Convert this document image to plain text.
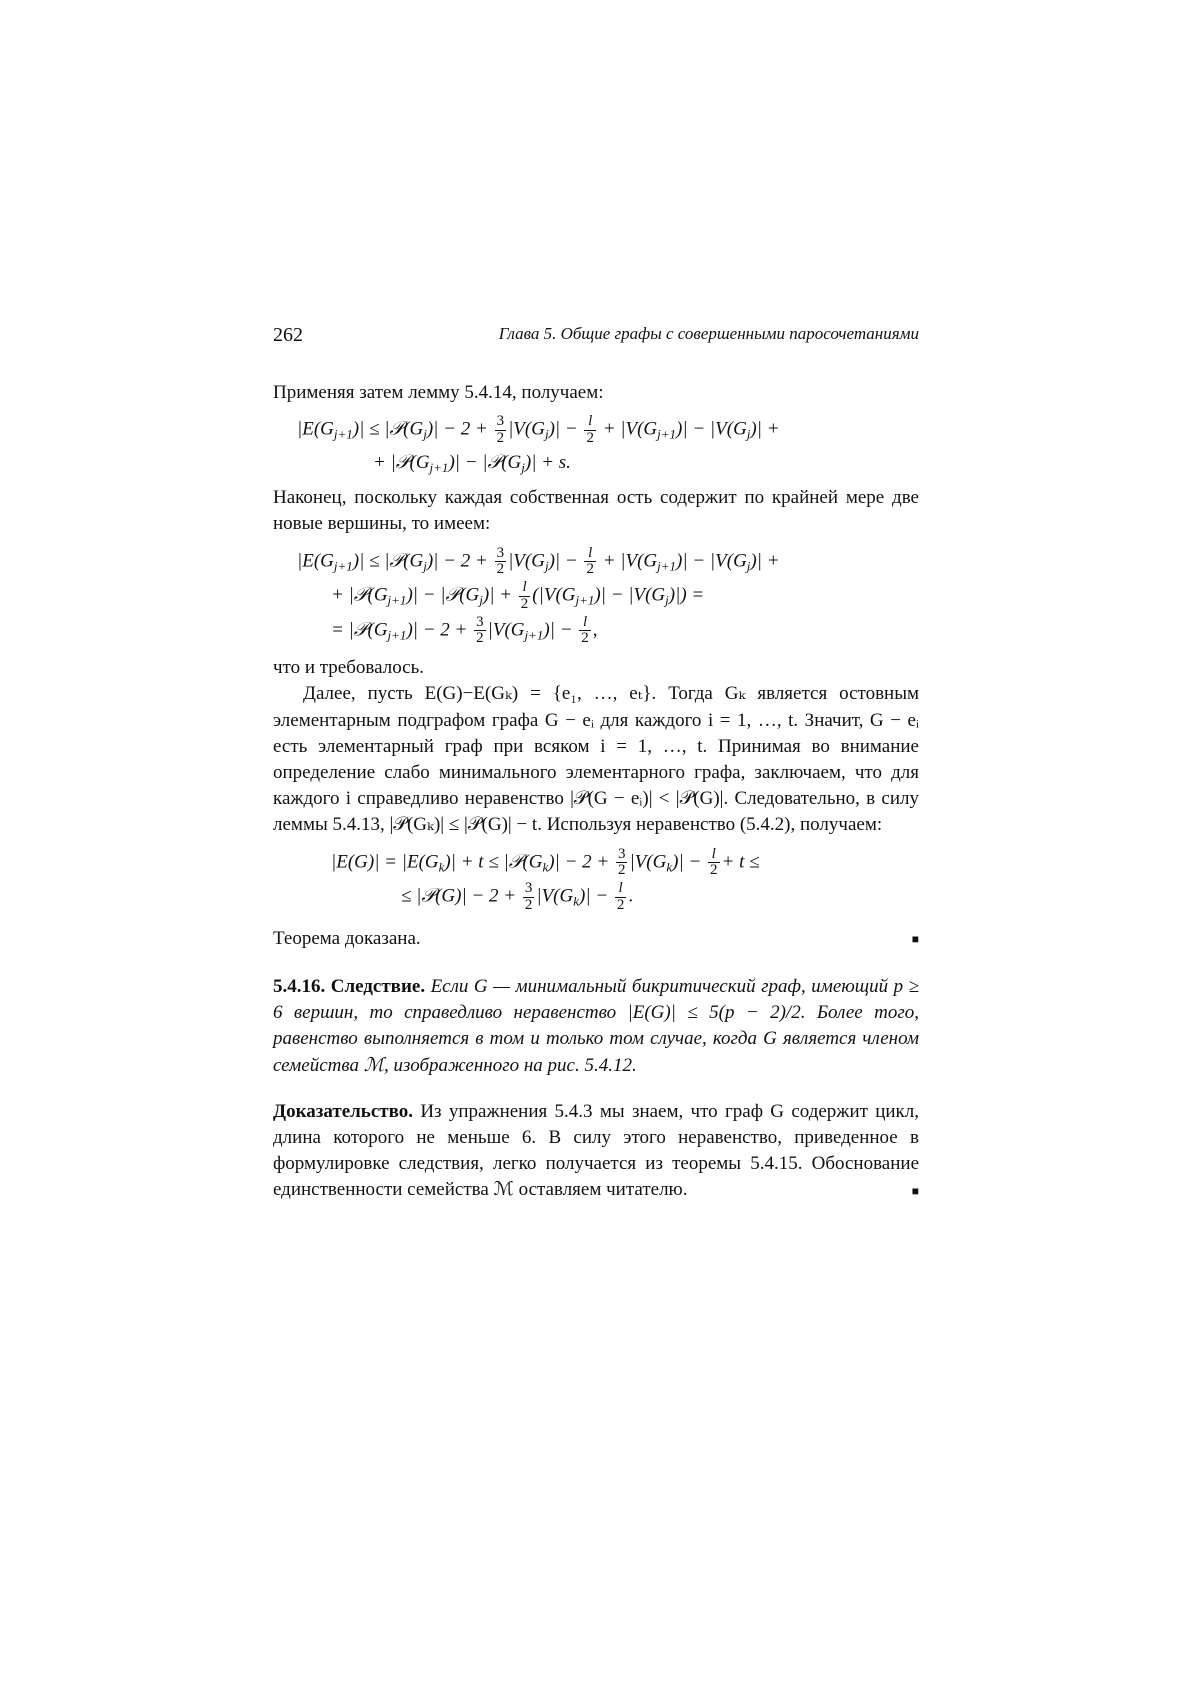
262	Глава 5. Общие графы с совершенными паросочетаниями

Применяя затем лемму 5.4.14, получаем:

$|E(G_{j+1})|$ ≤ $|𝒫(G_j)| - 2 + \frac{3}{2} |V(G_j)| - \frac{l}{2} + |V(G_{j+1})| - |V(G_j)|$ +
+ $|𝒫(G_{j+1})|$ − $|𝒫(G_j)| + s$.

Наконец, поскольку каждая собственная ость содержит по крайней мере две новые вершины, то имеем:

$|E(G_{j+1})|$ ≤ $|𝒫(G_j)| - 2 + \frac{3}{2} |V(G_j)| - \frac{l}{2} + |V(G_{j+1})| - |V(G_j)|$ +
+ $|𝒫(G_{j+1})|$ − $|𝒫(G_j)| + \frac{l}{2} (|V(G_{j+1})| - |V(G_j)|)$ =
= $|𝒫(G_{j+1})| - 2 + \frac{3}{2} |V(G_{j+1})| - \frac{l}{2}$ ,

что и требовалось.

Далее, пусть E(G)−E(Gₖ) = {e₁, …, eₜ}. Тогда Gₖ является остовным элементарным подграфом графа G − eᵢ для каждого i = 1, …, t. Значит, G − eᵢ есть элементарный граф при всяком i = 1, …, t. Принимая во внимание определение слабо минимального элементарного графа, заключаем, что для каждого i справедливо неравенство |𝒫(G − eᵢ)| < |𝒫(G)|. Следовательно, в силу леммы 5.4.13, |𝒫(Gₖ)| ≤ |𝒫(G)| − t. Используя неравенство (5.4.2), получаем:

$|E(G)| = |E(G_k)| + t$ ≤ $|𝒫(G_k)| - 2 + \frac{3}{2} |V(G_k)| - \frac{l}{2} + t$ ≤
≤ |𝒫(G)| − $2 + \frac{3}{2} |V(G_k)| - \frac{l}{2}$ .
Теорема доказана.	■

5.4.16. Следствие. Если G — минимальный бикритический граф, имеющий p ≥ 6 вершин, то справедливо неравенство |E(G)| ≤ 5(p − 2)/2. Более того, равенство выполняется в том и только том случае, когда G является членом семейства ℳ, изображенного на рис. 5.4.12.

Доказательство. Из упражнения 5.4.3 мы знаем, что граф G содержит цикл, длина которого не меньше 6. В силу этого неравенство, приведенное в формулировке следствия, легко получается из теоремы 5.4.15. Обоснование единственности семейства ℳ оставляем читателю.	■
